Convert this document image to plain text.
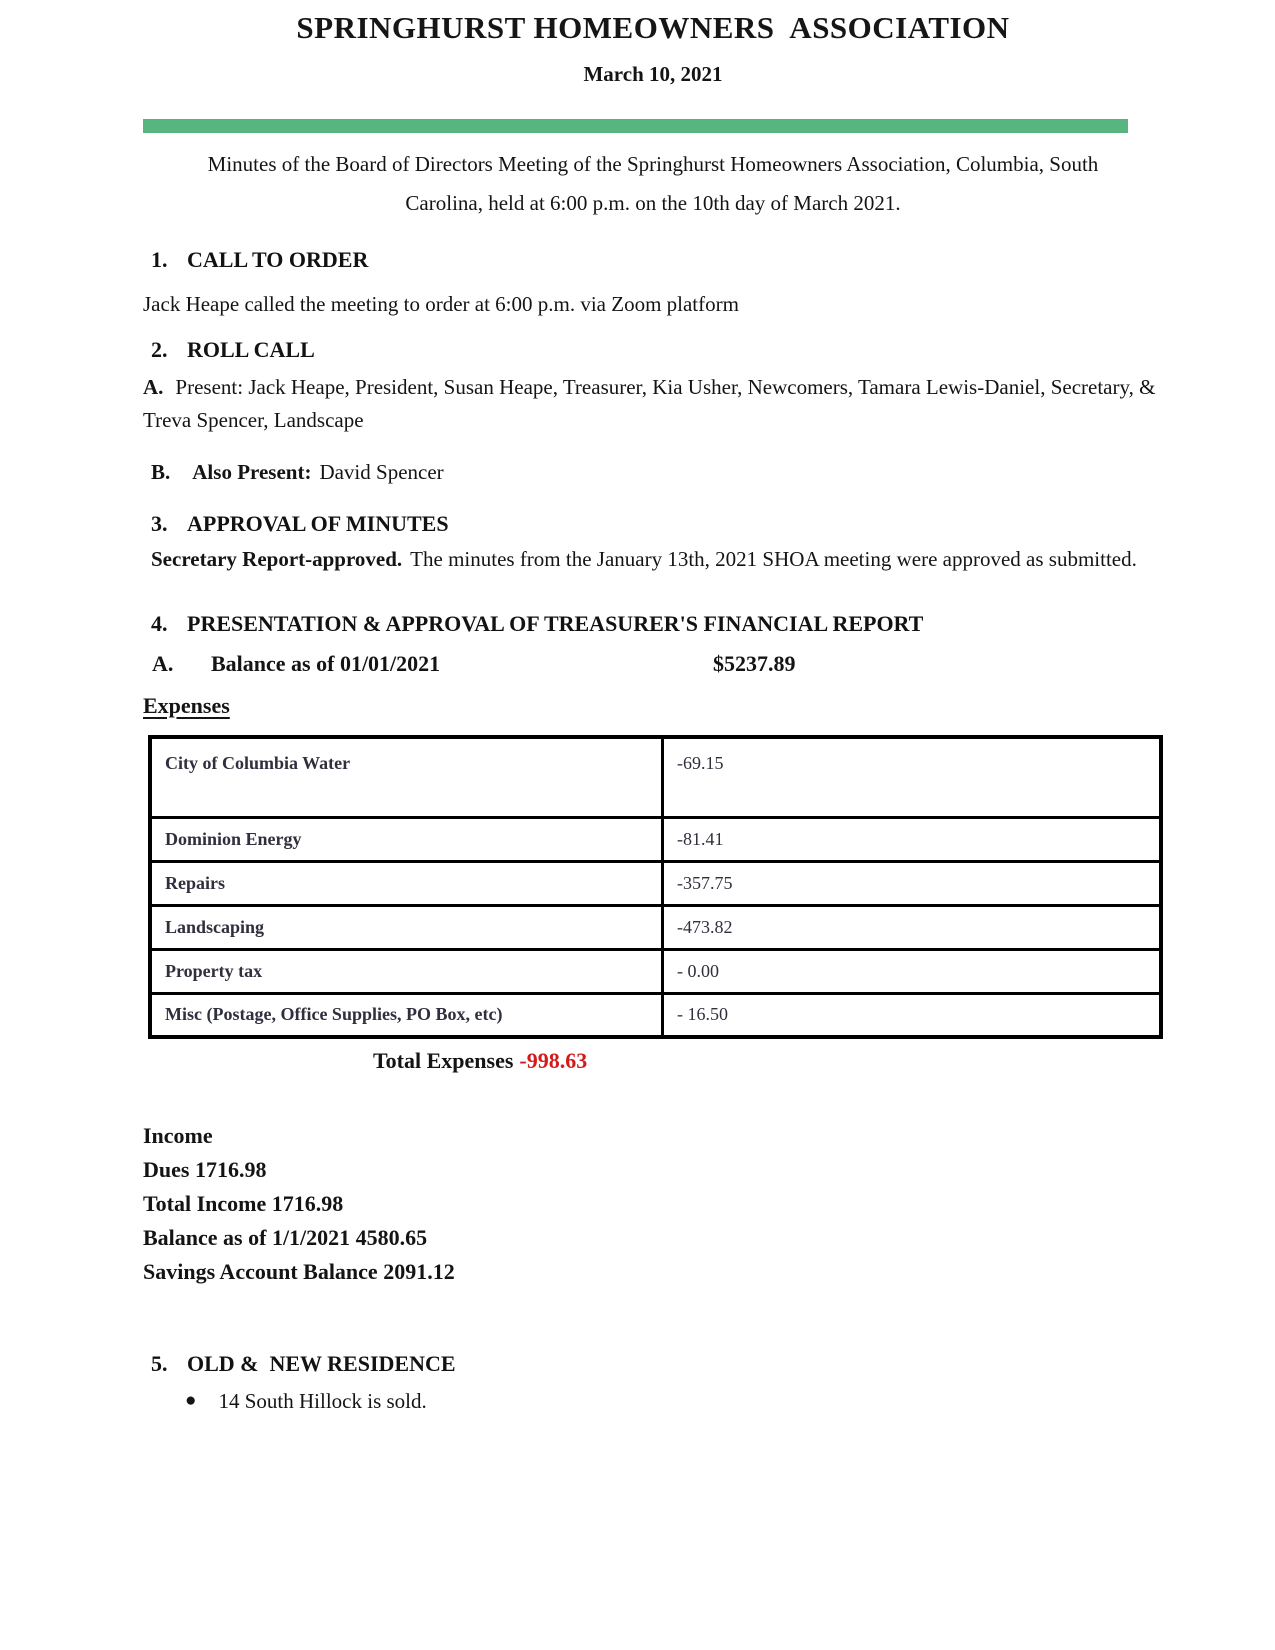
SPRINGHURST HOMEOWNERS  ASSOCIATION
March 10, 2021
Minutes of the Board of Directors Meeting of the Springhurst Homeowners Association, Columbia, South Carolina, held at 6:00 p.m. on the 10th day of March 2021.
1. CALL TO ORDER
Jack Heape called the meeting to order at 6:00 p.m. via Zoom platform
2. ROLL CALL
A. Present: Jack Heape, President, Susan Heape, Treasurer, Kia Usher, Newcomers, Tamara Lewis-Daniel, Secretary, & Treva Spencer, Landscape
B. Also Present: David Spencer
3. APPROVAL OF MINUTES
Secretary Report-approved. The minutes from the January 13th, 2021 SHOA meeting were approved as submitted.
4. PRESENTATION & APPROVAL OF TREASURER'S FINANCIAL REPORT
A.	Balance as of 01/01/2021	$5237.89
Expenses
City of Columbia Water	-69.15
Dominion Energy	-81.41
Repairs	-357.75
Landscaping	-473.82
Property tax	- 0.00
Misc (Postage, Office Supplies, PO Box, etc)	- 16.50
Total Expenses -998.63
Income
Dues 1716.98
Total Income 1716.98
Balance as of 1/1/2021 4580.65
Savings Account Balance 2091.12
5. OLD &  NEW RESIDENCE
● 14 South Hillock is sold.
